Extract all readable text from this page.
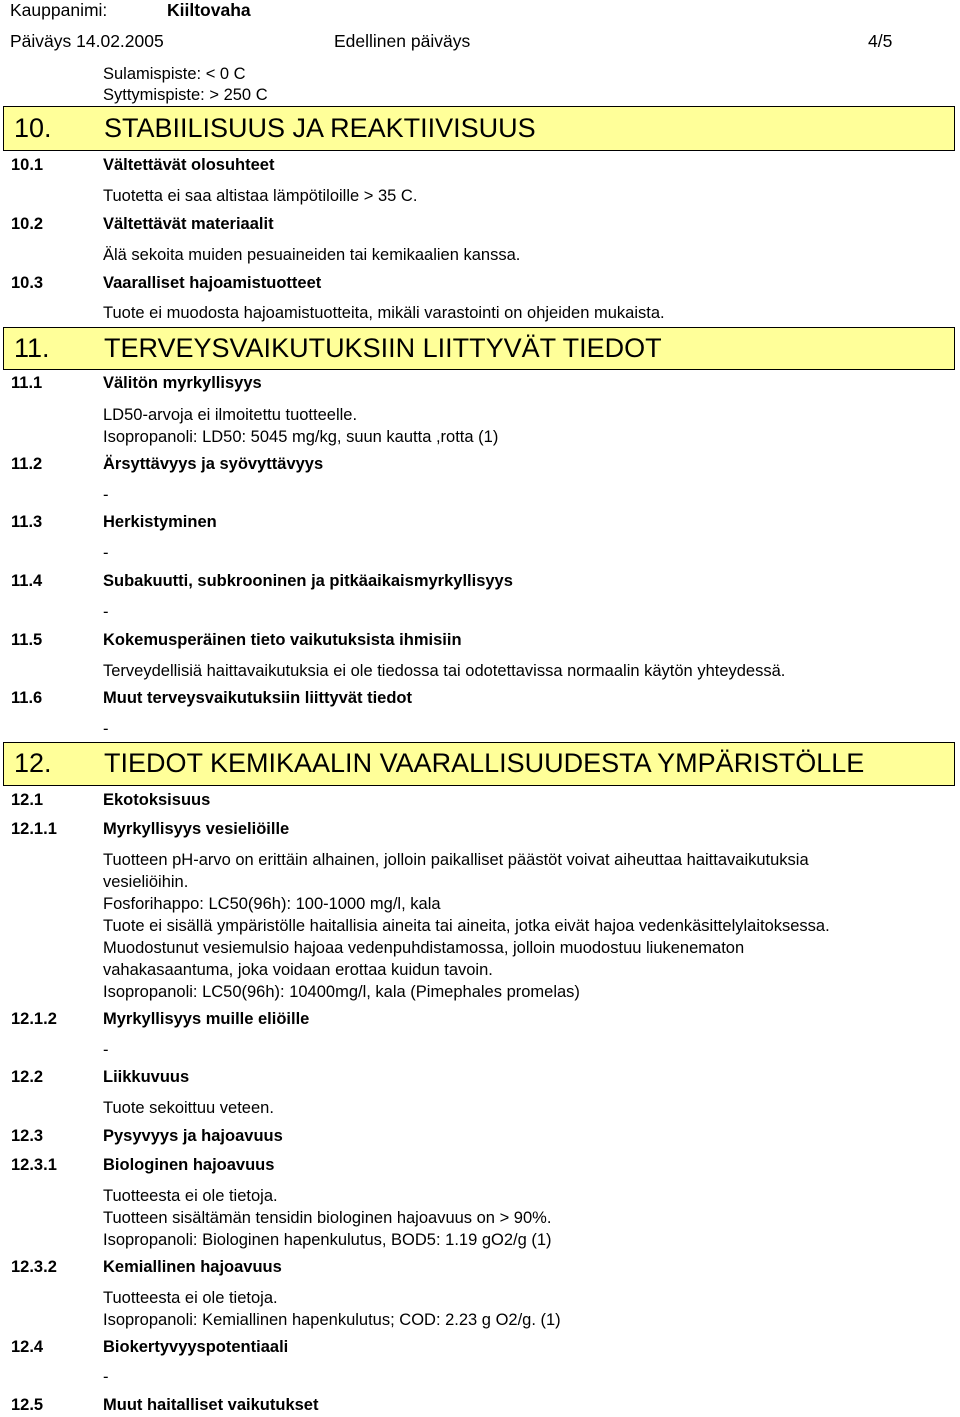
Kauppanimi:	Kiiltovaha
Päiväys 14.02.2005	Edellinen päiväys	4/5
Sulamispiste: < 0 C
Syttymispiste: > 250 C
10. STABIILISUUS JA REAKTIIVISUUS
10.1	Vältettävät olosuhteet
Tuotetta ei saa altistaa lämpötiloille > 35 C.
10.2	Vältettävät materiaalit
Älä sekoita muiden pesuaineiden tai kemikaalien kanssa.
10.3	Vaaralliset hajoamistuotteet
Tuote ei muodosta hajoamistuotteita, mikäli varastointi on ohjeiden mukaista.
11. TERVEYSVAIKUTUKSIIN LIITTYVÄT TIEDOT
11.1	Välitön myrkyllisyys
LD50-arvoja ei ilmoitettu tuotteelle.
Isopropanoli: LD50: 5045 mg/kg, suun kautta ,rotta (1)
11.2	Ärsyttävyys ja syövyttävyys
-
11.3	Herkistyminen
-
11.4	Subakuutti, subkrooninen ja pitkäaikaismyrkyllisyys
-
11.5	Kokemusperäinen tieto vaikutuksista ihmisiin
Terveydellisiä haittavaikutuksia ei ole tiedossa tai odotettavissa normaalin käytön yhteydessä.
11.6	Muut terveysvaikutuksiin liittyvät tiedot
-
12. TIEDOT KEMIKAALIN VAARALLISUUDESTA YMPÄRISTÖLLE
12.1	Ekotoksisuus
12.1.1	Myrkyllisyys vesieliöille
Tuotteen pH-arvo on erittäin alhainen, jolloin paikalliset päästöt voivat aiheuttaa haittavaikutuksia
vesieliöihin.
Fosforihappo: LC50(96h): 100-1000 mg/l, kala
Tuote ei sisällä ympäristölle haitallisia aineita tai aineita, jotka eivät hajoa vedenkäsittelylaitoksessa.
Muodostunut vesiemulsio hajoaa vedenpuhdistamossa, jolloin muodostuu liukenematon
vahakasaantuma, joka voidaan erottaa kuidun tavoin.
Isopropanoli: LC50(96h): 10400mg/l, kala (Pimephales promelas)
12.1.2	Myrkyllisyys muille eliöille
-
12.2	Liikkuvuus
Tuote sekoittuu veteen.
12.3	Pysyvyys ja hajoavuus
12.3.1	Biologinen hajoavuus
Tuotteesta ei ole tietoja.
Tuotteen sisältämän tensidin biologinen hajoavuus on > 90%.
Isopropanoli: Biologinen hapenkulutus, BOD5: 1.19 gO2/g (1)
12.3.2	Kemiallinen hajoavuus
Tuotteesta ei ole tietoja.
Isopropanoli: Kemiallinen hapenkulutus; COD: 2.23 g O2/g. (1)
12.4	Biokertyvyyspotentiaali
-
12.5	Muut haitalliset vaikutukset
